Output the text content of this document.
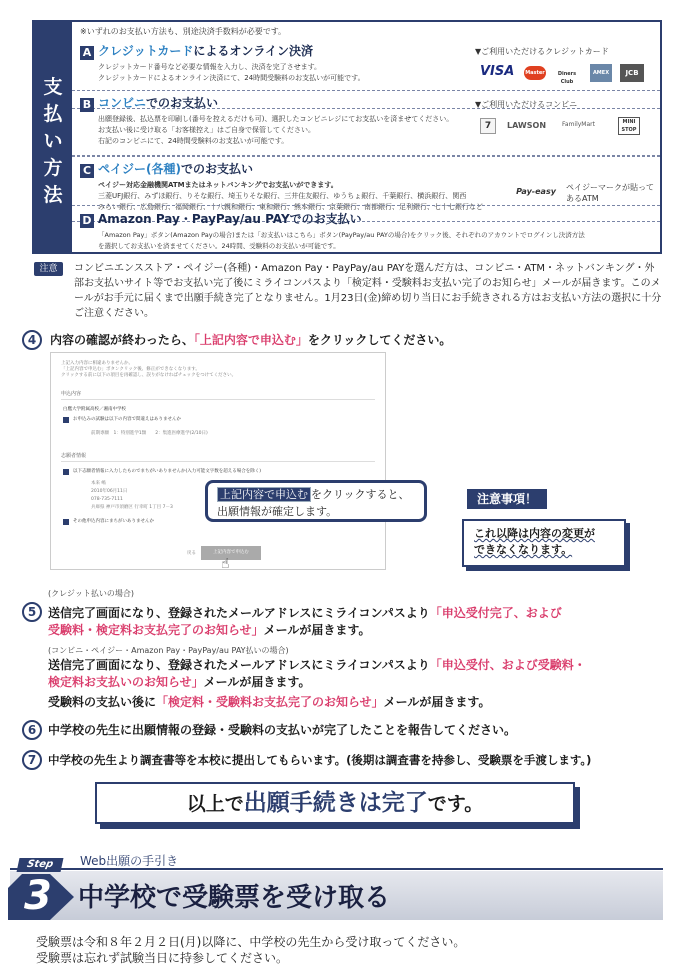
支
払
い
方
法
※いずれのお支払い方法も、別途決済手数料が必要です。
A クレジットカードによるオンライン決済
クレジットカード番号など必要な情報を入力し、決済を完了させます。
クレジットカードによるオンライン決済にて、24時間受験料のお支払いが可能です。
▼ご利用いただけるクレジットカード
VISA Master	Diners Club
AMEX	JCB
B コンビニでのお支払い
出願登録後、払込票を印刷し(番号を控えるだけも可)、選択したコンビニレジにてお支払いを済ませてください。
お支払い後に受け取る「お客様控え」はご自身で保管してください。
右記のコンビニにて、24時間受験料のお支払いが可能です。
▼ご利用いただけるコンビニ
7	LAWSON	FamilyMart	MINI STOP
C ペイジー(各種)でのお支払い
ペイジー対応金融機関ATMまたはネットバンキングでお支払いができます。
三菱UFJ銀行、みずほ銀行、りそな銀行、埼玉りそな銀行、三井住友銀行、ゆうちょ銀行、千葉銀行、横浜銀行、関西
みらい銀行、広島銀行、福岡銀行、十八親和銀行、東和銀行、熊本銀行、京葉銀行、南都銀行、足利銀行、七十七銀行など
Pay-easy ペイジーマークが貼ってあるATM
D Amazon Pay・PayPay/au PAYでのお支払い
「Amazon Pay」ボタン(Amazon Payの場合)または「お支払いはこちら」ボタン(PayPay/au PAYの場合)をクリック後、それぞれのアカウントでログインし決済方法
を選択してお支払いを済ませてください。24時間、受験料のお支払いが可能です。
注意	コンビニエンスストア・ペイジー(各種)・Amazon Pay・PayPay/au PAYを選んだ方は、コンビニ・ATM・ネットバンキング・外部お支払いサイト等でお支払い完了後にミライコンパスより「検定料・受験料お支払い完了のお知らせ」メールが届きます。このメールがお手元に届くまで出願手続き完了となりません。1月23日(金)締め切り当日にお手続きされる方はお支払い方法の選択に十分ご注意ください。
4	内容の確認が終わったら、「上記内容で申込む」をクリックしてください。
上記入力内容に相違ありませんか。
「上記内容で申込む」ボタンクリック後、修正ができなくなります。
クリックする前に以下の項目を再確認し、誤りがなければチェックをつけてください。
申込内容
白鷹大学附属高校／湘南中学校
お申込みの試験は以下の内容で間違えはありませんか
前期専願　1：特別進学1類　　2：集進医療進学(2/10日)
志願者情報
以下志願者情報に入力したものでまちがいありませんか(入力可能文字数を超える場合を除く)
本来 嶋
2010年06月11日
078-735-7111
兵庫県 神戸市須磨区 行幸町 1丁目 7－3
その他申込内容にまちがいありませんか
戻る	上記内容で申込む
☝
上記内容で申込む をクリックすると、
出願情報が確定します。
注意事項！
これ以降は内容の変更が
できなくなります。
(クレジット払いの場合)
5 送信完了画面になり、登録されたメールアドレスにミライコンパスより「申込受付完了、および
受験料・検定料お支払完了のお知らせ」メールが届きます。
(コンビニ・ペイジー・Amazon Pay・PayPay/au PAY払いの場合)
送信完了画面になり、登録されたメールアドレスにミライコンパスより「申込受付、および受験料・
検定料お支払いのお知らせ」メールが届きます。
受験料の支払い後に「検定料・受験料お支払完了のお知らせ」メールが届きます。
6 中学校の先生に出願情報の登録・受験料の支払いが完了したことを報告してください。
7	中学校の先生より調査書等を本校に提出してもらいます。(後期は調査書を持参し、受験票を手渡します。)
以上で出願手続きは完了です。
Step
3
Web出願の手引き
中学校で受験票を受け取る
受験票は令和８年２月２日(月)以降に、中学校の先生から受け取ってください。
受験票は忘れず試験当日に持参してください。
